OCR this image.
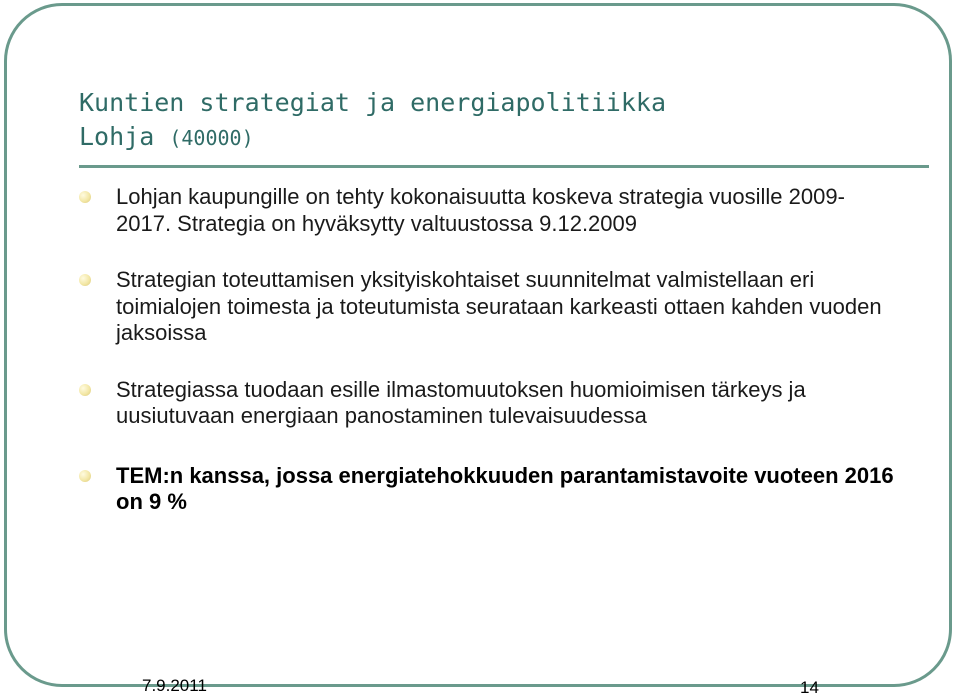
Kuntien strategiat ja energiapolitiikka
Lohja (40000)
Lohjan kaupungille on tehty kokonaisuutta koskeva strategia vuosille 2009- 2017. Strategia on hyväksytty valtuustossa 9.12.2009
Strategian toteuttamisen yksityiskohtaiset suunnitelmat valmistellaan eri toimialojen toimesta ja toteutumista seurataan karkeasti ottaen kahden vuoden jaksoissa
Strategiassa tuodaan esille ilmastomuutoksen huomioimisen tärkeys ja uusiutuvaan energiaan panostaminen tulevaisuudessa
TEM:n kanssa, jossa energiatehokkuuden parantamistavoite vuoteen 2016 on 9 %
7.9.2011	14
